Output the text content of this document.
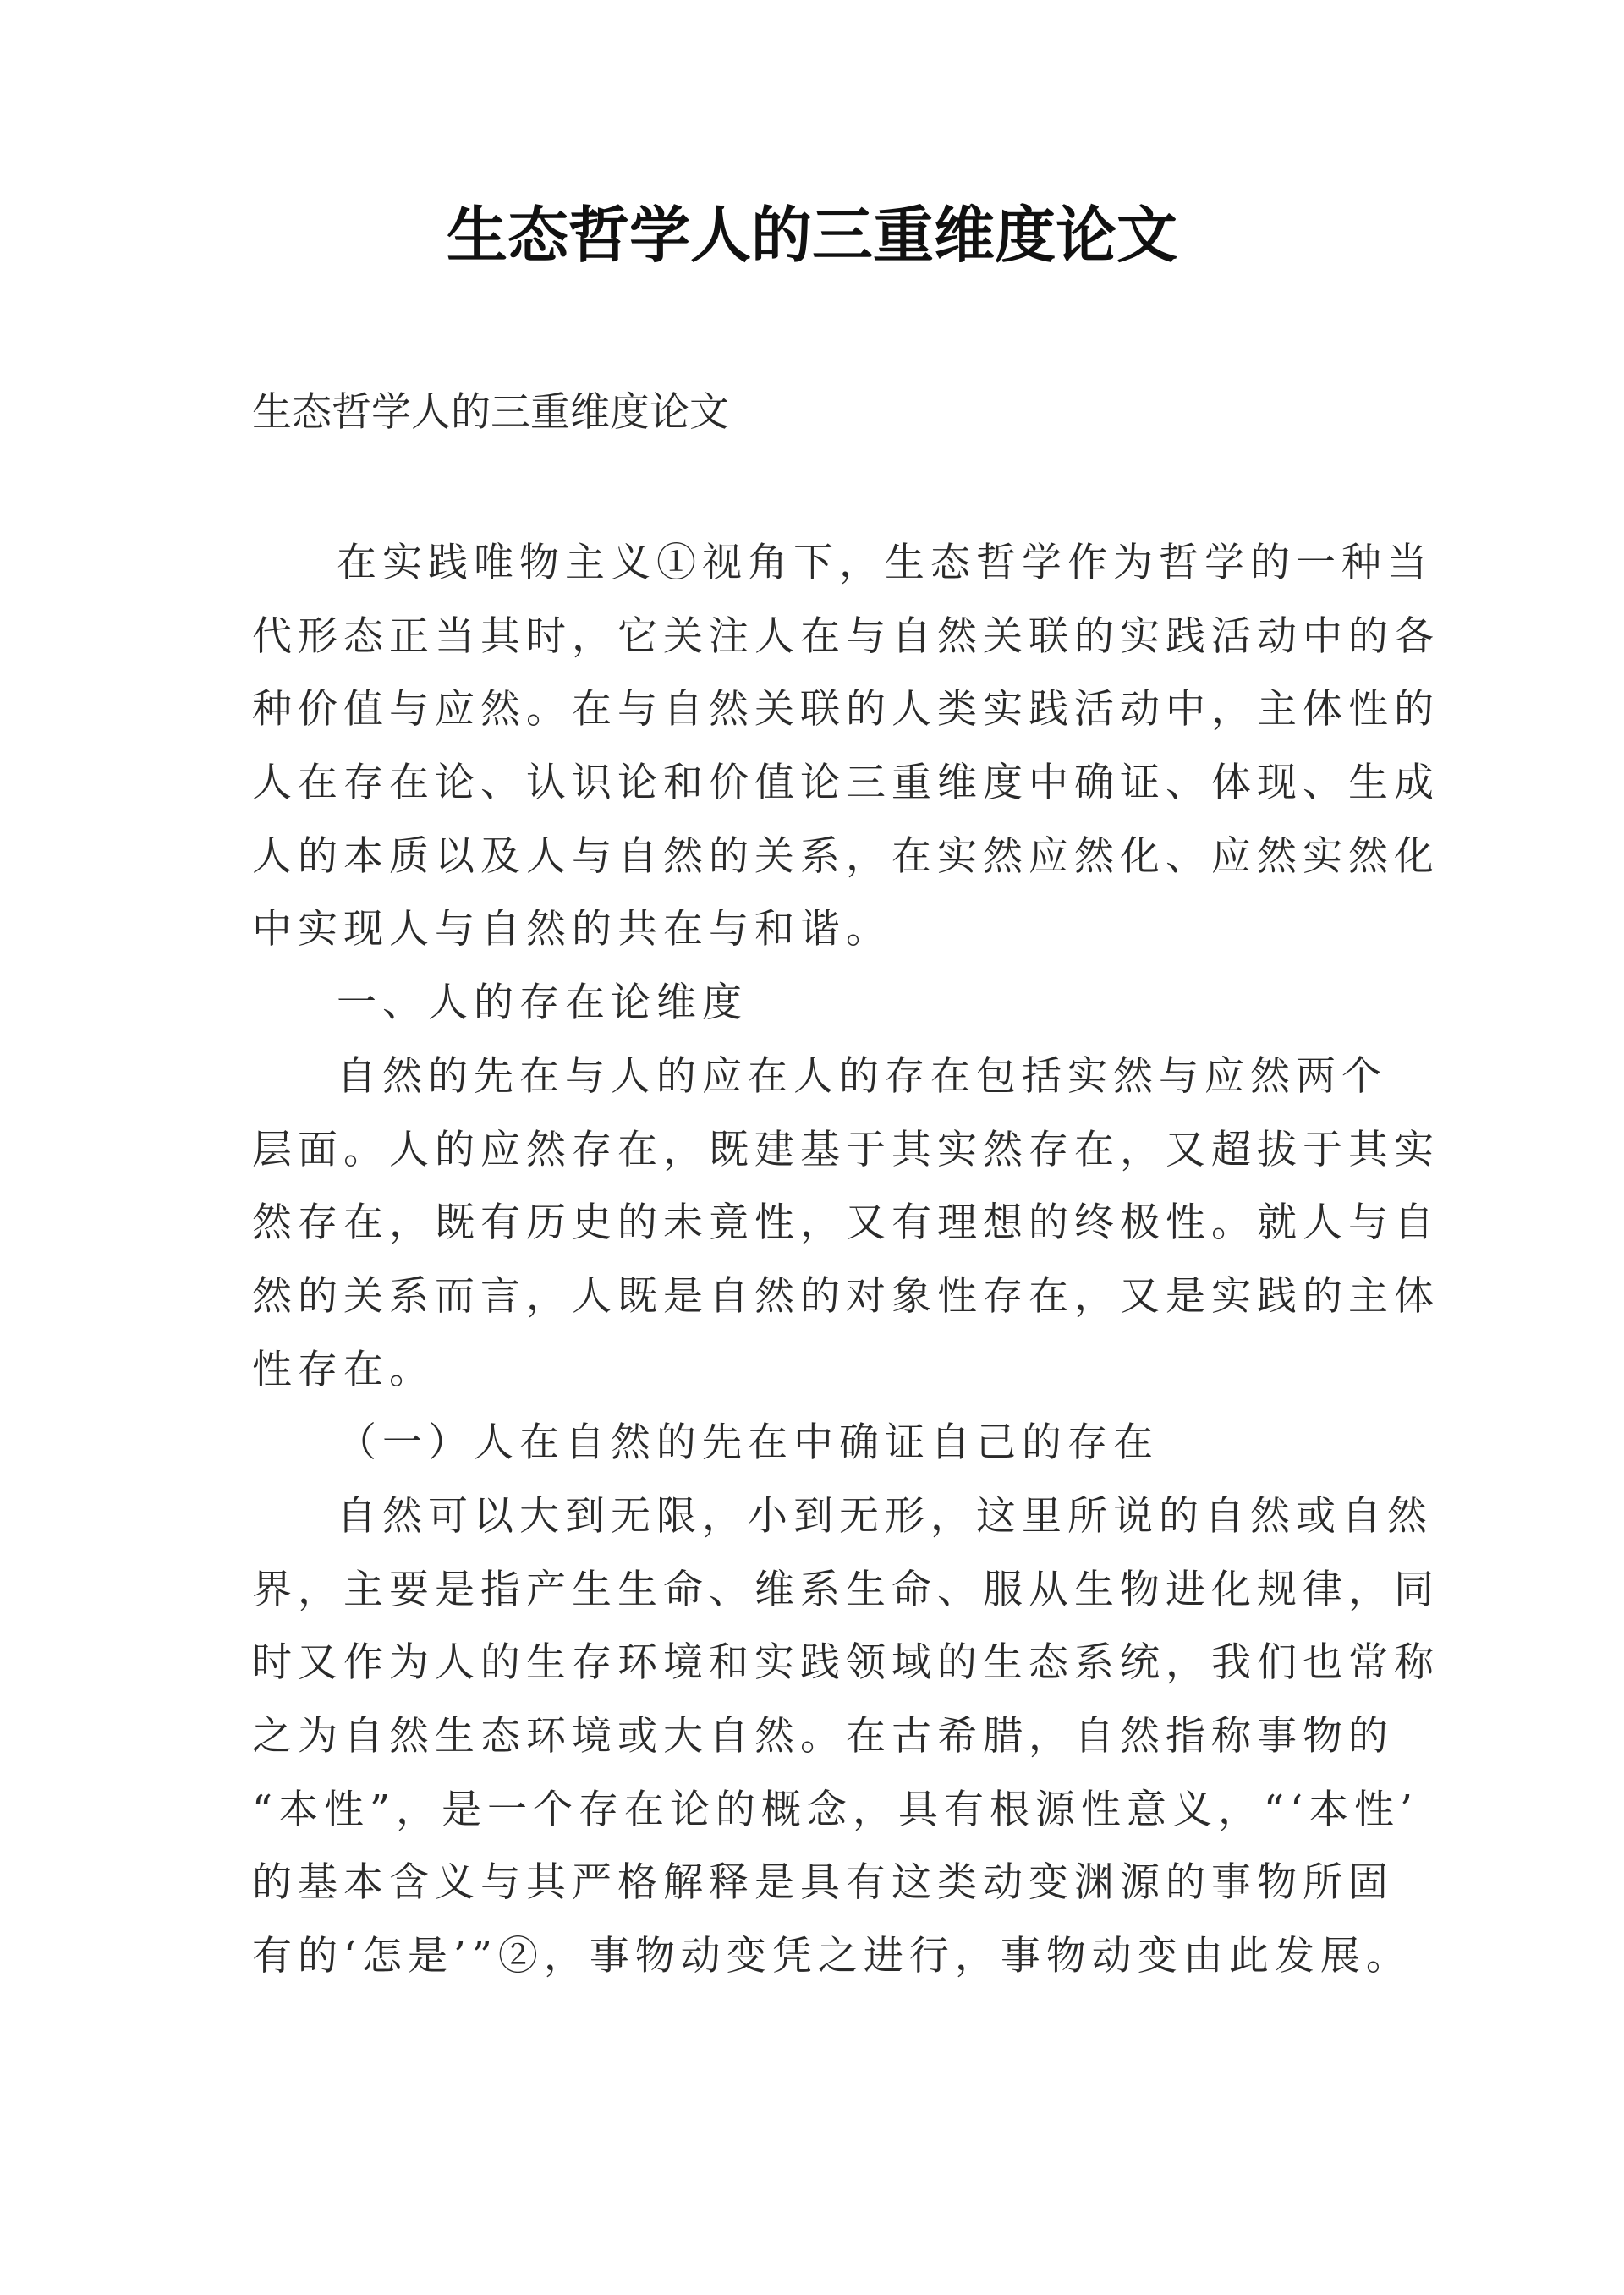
生态哲学人的三重维度论文
生态哲学人的三重维度论文
在实践唯物主义①视角下，生态哲学作为哲学的一种当
代形态正当其时，它关注人在与自然关联的实践活动中的各
种价值与应然。在与自然关联的人类实践活动中，主体性的
人在存在论、认识论和价值论三重维度中确证、体现、生成
人的本质以及人与自然的关系，在实然应然化、应然实然化
中实现人与自然的共在与和谐。
一、人的存在论维度
自然的先在与人的应在人的存在包括实然与应然两个
层面。人的应然存在，既建基于其实然存在，又超拔于其实
然存在，既有历史的未竟性，又有理想的终极性。就人与自
然的关系而言，人既是自然的对象性存在，又是实践的主体
性存在。
（一）人在自然的先在中确证自己的存在
自然可以大到无限，小到无形，这里所说的自然或自然
界，主要是指产生生命、维系生命、服从生物进化规律，同
时又作为人的生存环境和实践领域的生态系统，我们也常称
之为自然生态环境或大自然。在古希腊，自然指称事物的
“本性”，是一个存在论的概念，具有根源性意义，“‘本性’
的基本含义与其严格解释是具有这类动变渊源的事物所固
有的‘怎是’”②，事物动变凭之进行，事物动变由此发展。
